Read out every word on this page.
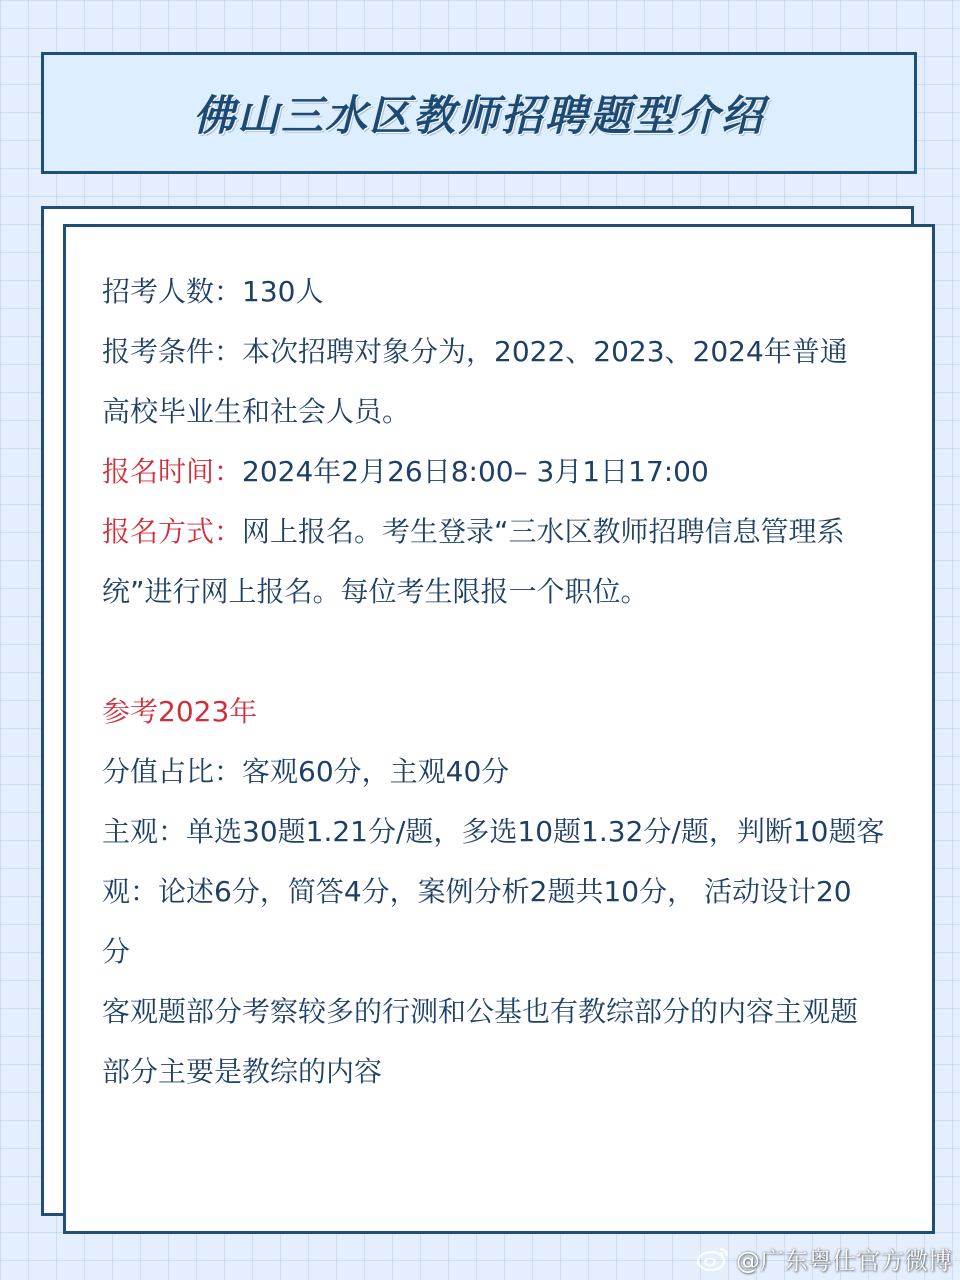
佛山三水区教师招聘题型介绍

招考人数：130人

报考条件：本次招聘对象分为，2022、2023、2024年普通

高校毕业生和社会人员。

报名时间：2024年2月26日8:00– 3月1日17:00

报名方式：网上报名。考生登录“三水区教师招聘信息管理系

统”进行网上报名。每位考生限报一个职位。

参考2023年

分值占比：客观60分，主观40分

主观：单选30题1.21分/题，多选10题1.32分/题，判断10题客

观：论述6分，简答4分，案例分析2题共10分， 活动设计20

分

客观题部分考察较多的行测和公基也有教综部分的内容主观题

部分主要是教综的内容

@广东粤仕官方微博
